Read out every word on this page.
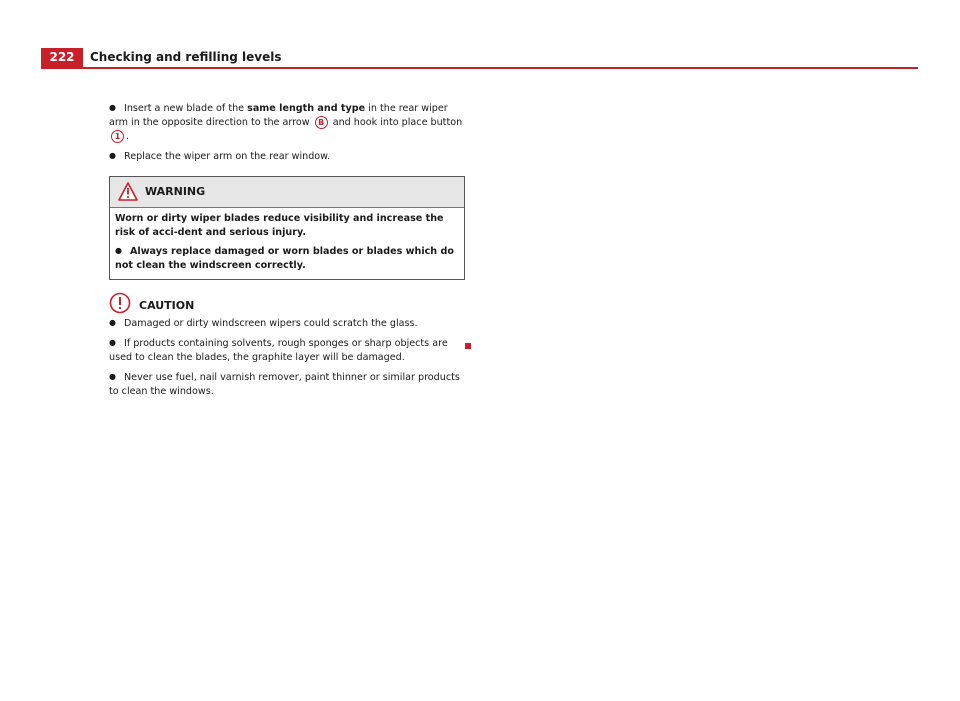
222	Checking and refilling levels

● Insert a new blade of the same length and type in the rear wiper arm in the opposite direction to the arrow B and hook into place button 1 .

● Replace the wiper arm on the rear window.

WARNING

Worn or dirty wiper blades reduce visibility and increase the risk of acci-dent and serious injury.

● Always replace damaged or worn blades or blades which do not clean the windscreen correctly.

CAUTION

● Damaged or dirty windscreen wipers could scratch the glass.

● If products containing solvents, rough sponges or sharp objects are used to clean the blades, the graphite layer will be damaged.

● Never use fuel, nail varnish remover, paint thinner or similar products to clean the windows.
